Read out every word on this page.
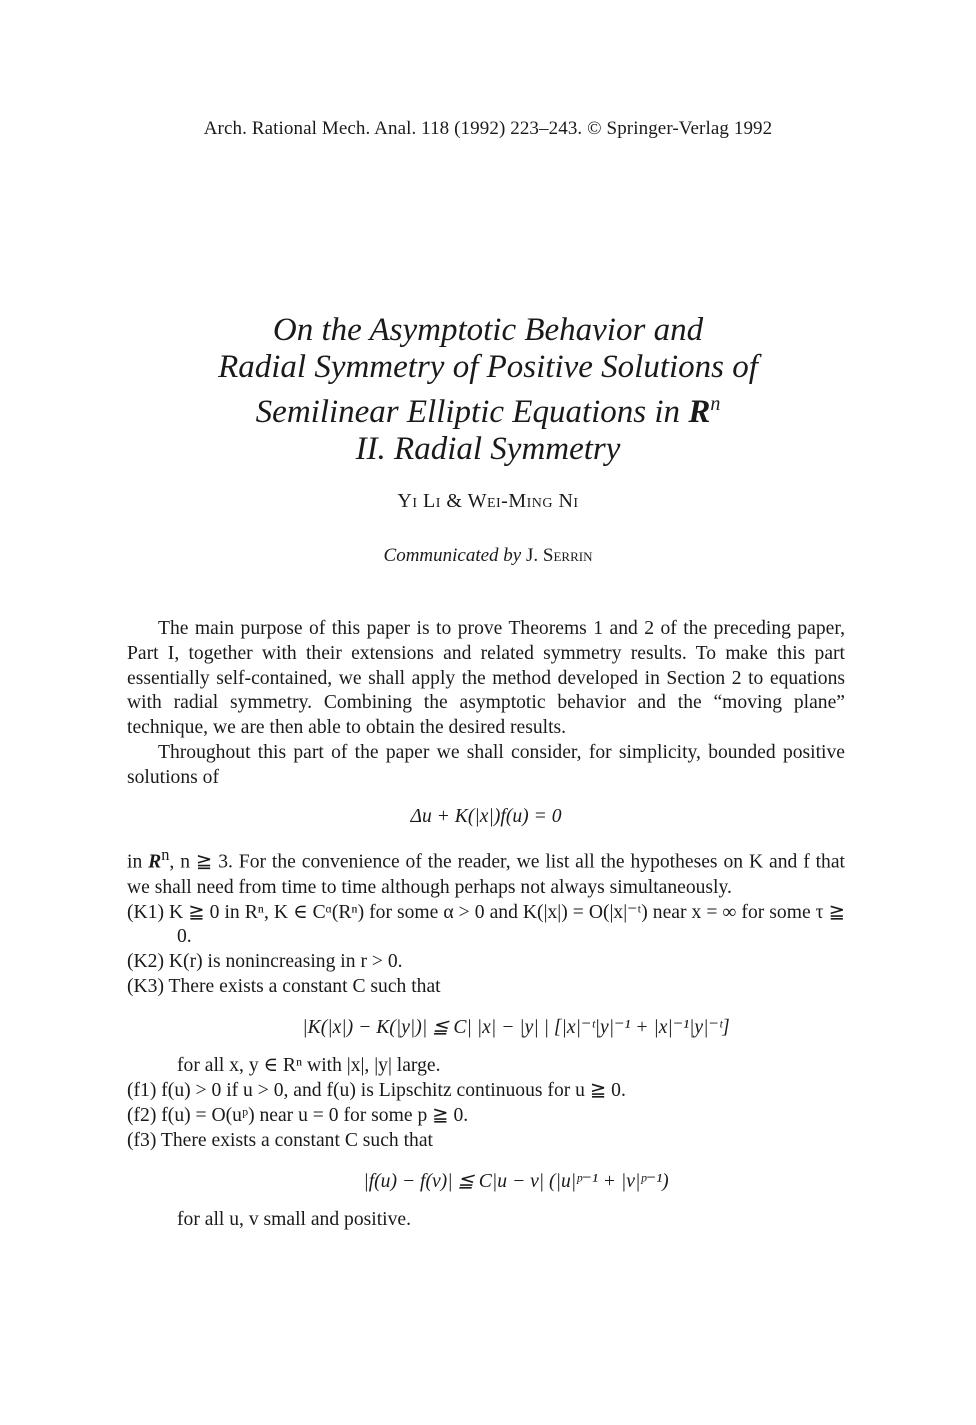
Arch. Rational Mech. Anal. 118 (1992) 223–243. © Springer-Verlag 1992
On the Asymptotic Behavior and
Radial Symmetry of Positive Solutions of
Semilinear Elliptic Equations in $R^n$
II. Radial Symmetry
Yi Li & Wei-Ming Ni
Communicated by J. Serrin

The main purpose of this paper is to prove Theorems 1 and 2 of the preceding paper, Part I, together with their extensions and related symmetry results. To make this part essentially self-contained, we shall apply the method developed in Section 2 to equations with radial symmetry. Combining the asymptotic behavior and the “moving plane” technique, we are then able to obtain the desired results.

Throughout this part of the paper we shall consider, for simplicity, bounded positive solutions of

Δu + K(|x|)f(u) = 0

in $R^n$, n ≧ 3. For the convenience of the reader, we list all the hypotheses on K and f that we shall need from time to time although perhaps not always simultaneously.

(K1) K ≧ 0 in Rⁿ, K ∈ Cᵅ(Rⁿ) for some α > 0 and K(|x|) = O(|x|⁻ᵗ) near x = ∞ for some τ ≧ 0.
(K2) K(r) is nonincreasing in r > 0.
(K3) There exists a constant C such that
|K(|x|) − K(|y|)| ≦ C| |x| − |y| | [|x|⁻ᵗ|y|⁻¹ + |x|⁻¹|y|⁻ᵗ]
for all x, y ∈ Rⁿ with |x|, |y| large.
(f1) f(u) > 0 if u > 0, and f(u) is Lipschitz continuous for u ≧ 0.
(f2) f(u) = O(uᵖ) near u = 0 for some p ≧ 0.
(f3) There exists a constant C such that
|f(u) − f(v)| ≦ C|u − v| (|u|ᵖ⁻¹ + |v|ᵖ⁻¹)
for all u, v small and positive.
